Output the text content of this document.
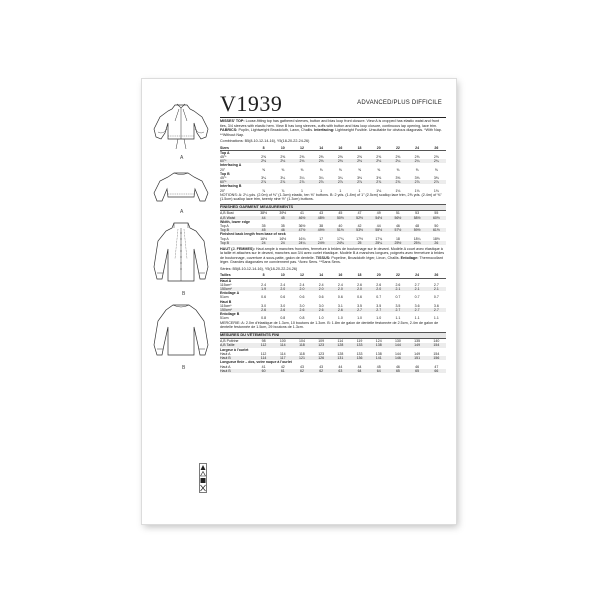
A
A
B
B
V1939	ADVANCED/PLUS DIFFICILE

MISSES' TOP: Loose-fitting top has gathered sleeves, button and bias loop front closure. View A is cropped has elastic waist and front ties, 3/4 sleeves with elastic hem. View B has long sleeves, cuffs with button and bias loop closure, continuous lap opening, lace trim. FABRICS: Poplin, Lightweight Broadcloth, Lawn, Challis. Interfacing: Lightweight Fusible. Unsuitable for obvious diagonals. *With Nap. **Without Nap.

Combinations: B5(8-10-12-14-16), Y5(18-20-22-24-26)
Sizes	8	10	12	14	16	18	20	22	24	26
Top A										
45"*	2⅝	2⅝	2⅝	2⅝	2⅝	2⅝	2⅝	2⅝	2⅝	2⅝
60"*	2⅛	2⅛	2⅛	2⅛	2⅛	2⅛	2⅛	2¼	2¼	2¼
Interfacing A										
20"	⅝	⅝	⅝	⅝	⅝	⅝	⅝	⅝	⅝	⅝
Top B										
45"*	3¼	3¼	3¼	3¼	3¼	3⅜	3⅜	3⅜	3⅜	3⅜
60"*	2⅞	2⅞	2⅞	2⅞	2⅞	2⅞	2⅞	2⅞	2⅞	2⅞
Interfacing B										
20"	⅞	⅞	1	1	1	1	1⅛	1⅛	1⅛	1⅛

NOTIONS: A: 2¼ yds. (2.0m) of ⅜" (1.3cm) elastic, ten ⅜" buttons. B: 2 yds. (1.8m) of 1" (2.5cm) scallop lace trim, 2⅝ yds. (2.4m) of ⅝" (1.5cm) scallop lace trim, twenty nine ½" (1.3cm) buttons.

FINISHED GARMENT MEASUREMENTS
A,B Bust	38½	39½	41	43	45	47	49	51	53	55
A,B Waist	44	45	46½	48½	50½	52½	54½	56½	58½	60½
Width, lower edge										
Top A	35	35	36½	38	40	42	44	46	48	50
Top B	45	46	47½	49½	51½	53½	55½	57½	59½	61½
Finished back length from base of neck										
Top A	16½	16½	16¾	17	17¼	17½	17¾	18	18¼	18½
Top B	24	24	24¼	24½	24¾	25	25¼	25½	25¾	26

HAUT (J. FEMMES): Haut ample à manches froncées, fermeture à brides de boutonnage sur le devant. Modèle A court avec élastique à la taille et attaches sur le devant, manches aux 3/4 avec ourlet élastique. Modèle B à manches longues, poignets avec fermeture à brides de boutonnage, ouverture à sous-patte, galon de dentelle. TISSUS: Popeline, Broadcloth léger, Linon, Challis. Entoilage: Thermocollant léger. Grandes diagonales ne conviennent pas. *Avec Sens. **Sans Sens.

Séries: B5(8-10-12-14-16), Y5(18-20-22-24-26)
Tailles	8	10	12	14	16	18	20	22	24	26
Haut A										
115cm*	2.4	2.4	2.4	2.4	2.4	2.6	2.6	2.6	2.7	2.7
150cm*	1.9	2.0	2.0	2.0	2.0	2.0	2.0	2.1	2.1	2.1
Entoilage A										
51cm	0.6	0.6	0.6	0.6	0.6	0.6	0.7	0.7	0.7	0.7
Haut B										
115cm*	3.0	3.0	3.0	3.0	3.1	3.5	3.5	3.5	3.6	3.6
150cm*	2.6	2.6	2.6	2.6	2.6	2.7	2.7	2.7	2.7	2.7
Entoilage B										
51cm	0.8	0.8	0.8	1.0	1.0	1.0	1.0	1.1	1.1	1.1

MERCERIE: A: 2.0m d'élastique de 1.3cm, 10 boutons de 1.3cm. B: 1.8m de galon de dentelle festonnée de 2.5cm, 2.4m de galon de dentelle festonnée de 1.5cm, 29 boutons de 1.3cm.

MESURES DU VÊTEMENTS FINI
A,B Poitrine	98	100	104	109	114	119	124	130	135	140
A,B Taille	112	114	118	123	128	133	138	144	149	154
Largeur à l'ourlet										
Haut A	112	114	118	123	128	133	138	144	149	154
Haut B	114	117	121	126	131	136	141	146	151	156
Longueur finie – dos, votre nuque à l'ourlet										
Haut A	41	42	43	43	44	44	45	46	46	47
Haut B	60	61	62	62	63	64	64	65	65	66
